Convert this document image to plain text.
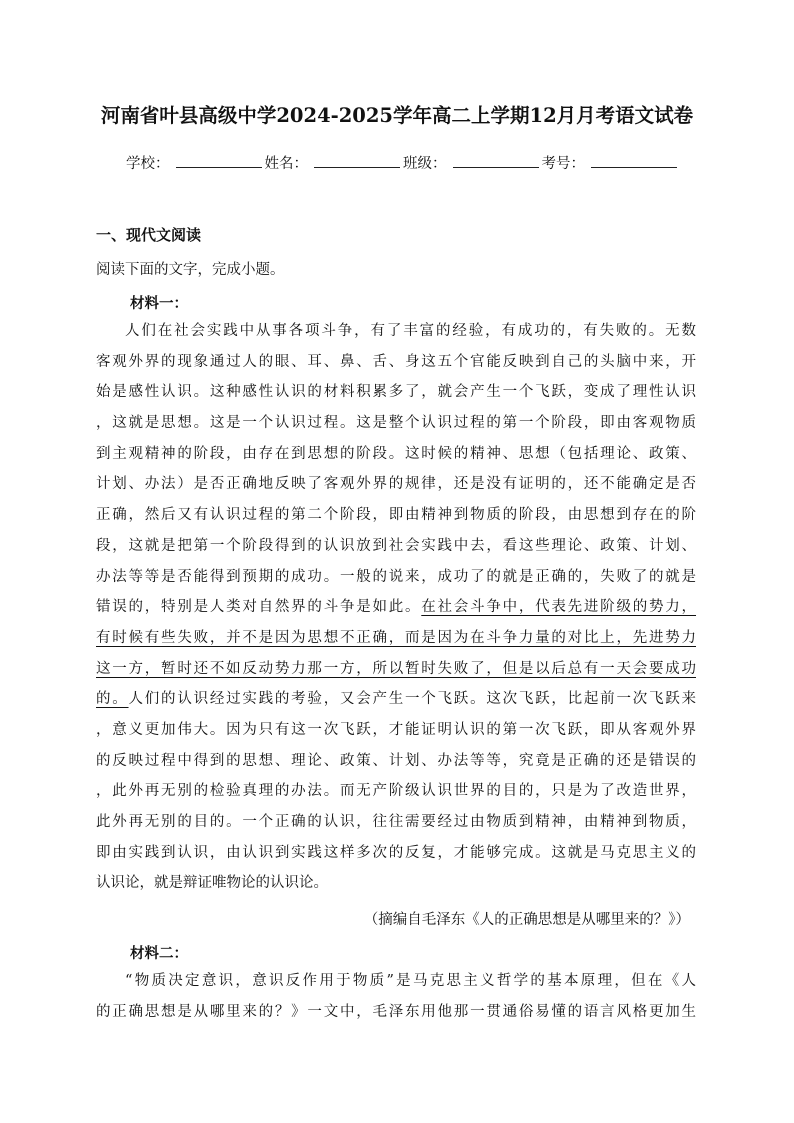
河南省叶县高级中学2024-2025学年高二上学期12月月考语文试卷
学校：	姓名：	班级：	考号：
一、现代文阅读
阅读下面的文字，完成小题。
材料一：
人们在社会实践中从事各项斗争，有了丰富的经验，有成功的，有失败的。无数
客观外界的现象通过人的眼、耳、鼻、舌、身这五个官能反映到自己的头脑中来，开
始是感性认识。这种感性认识的材料积累多了，就会产生一个飞跃，变成了理性认识
，这就是思想。这是一个认识过程。这是整个认识过程的第一个阶段，即由客观物质
到主观精神的阶段，由存在到思想的阶段。这时候的精神、思想（包括理论、政策、
计划、办法）是否正确地反映了客观外界的规律，还是没有证明的，还不能确定是否
正确，然后又有认识过程的第二个阶段，即由精神到物质的阶段，由思想到存在的阶
段，这就是把第一个阶段得到的认识放到社会实践中去，看这些理论、政策、计划、
办法等等是否能得到预期的成功。一般的说来，成功了的就是正确的，失败了的就是
错误的，特别是人类对自然界的斗争是如此。在社会斗争中，代表先进阶级的势力，
有时候有些失败，并不是因为思想不正确，而是因为在斗争力量的对比上，先进势力
这一方，暂时还不如反动势力那一方，所以暂时失败了，但是以后总有一天会要成功
的。人们的认识经过实践的考验，又会产生一个飞跃。这次飞跃，比起前一次飞跃来
，意义更加伟大。因为只有这一次飞跃，才能证明认识的第一次飞跃，即从客观外界
的反映过程中得到的思想、理论、政策、计划、办法等等，究竟是正确的还是错误的
，此外再无别的检验真理的办法。而无产阶级认识世界的目的，只是为了改造世界，
此外再无别的目的。一个正确的认识，往往需要经过由物质到精神，由精神到物质，
即由实践到认识，由认识到实践这样多次的反复，才能够完成。这就是马克思主义的
认识论，就是辩证唯物论的认识论。
（摘编自毛泽东《人的正确思想是从哪里来的？》）
材料二：
“物质决定意识，意识反作用于物质”是马克思主义哲学的基本原理，但在《人
的正确思想是从哪里来的？》一文中，毛泽东用他那一贯通俗易懂的语言风格更加生
